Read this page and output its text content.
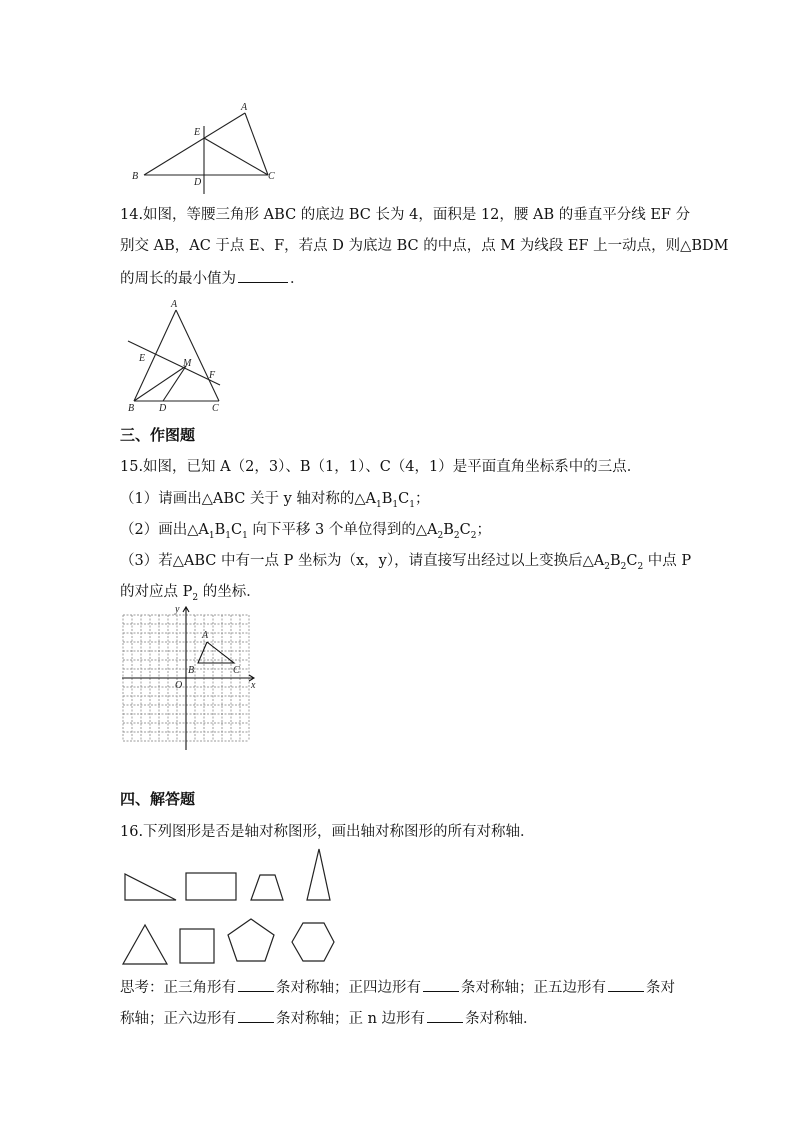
A
E
B
D
C
14.如图，等腰三角形 ABC 的底边 BC 长为 4，面积是 12，腰 AB 的垂直平分线 EF 分
别交 AB，AC 于点 E、F，若点 D 为底边 BC 的中点，点 M 为线段 EF 上一动点，则△BDM
的周长的最小值为	．
A
E	M
F
B D	C
三、作图题
15.如图，已知 A（2，3）、B（1，1）、C（4，1）是平面直角坐标系中的三点．
（1）请画出△ABC 关于 y 轴对称的$\triangle A_1B_1C_1$；
（2）画出$\triangle A_1B_1C_1$ 向下平移 3 个单位得到的$\triangle A_2B_2C_2$；
（3）若△ABC 中有一点 P 坐标为（x，y），请直接写出经过以上变换后$\triangle A_2B_2C_2$ 中点 P
的对应点 $P_2$ 的坐标．
y
x
O
A
B	C
四、解答题
16.下列图形是否是轴对称图形，画出轴对称图形的所有对称轴．
思考：正三角形有	条对称轴；正四边形有	条对称轴；正五边形有	条对
称轴；正六边形有	条对称轴；正 n 边形有	条对称轴．
